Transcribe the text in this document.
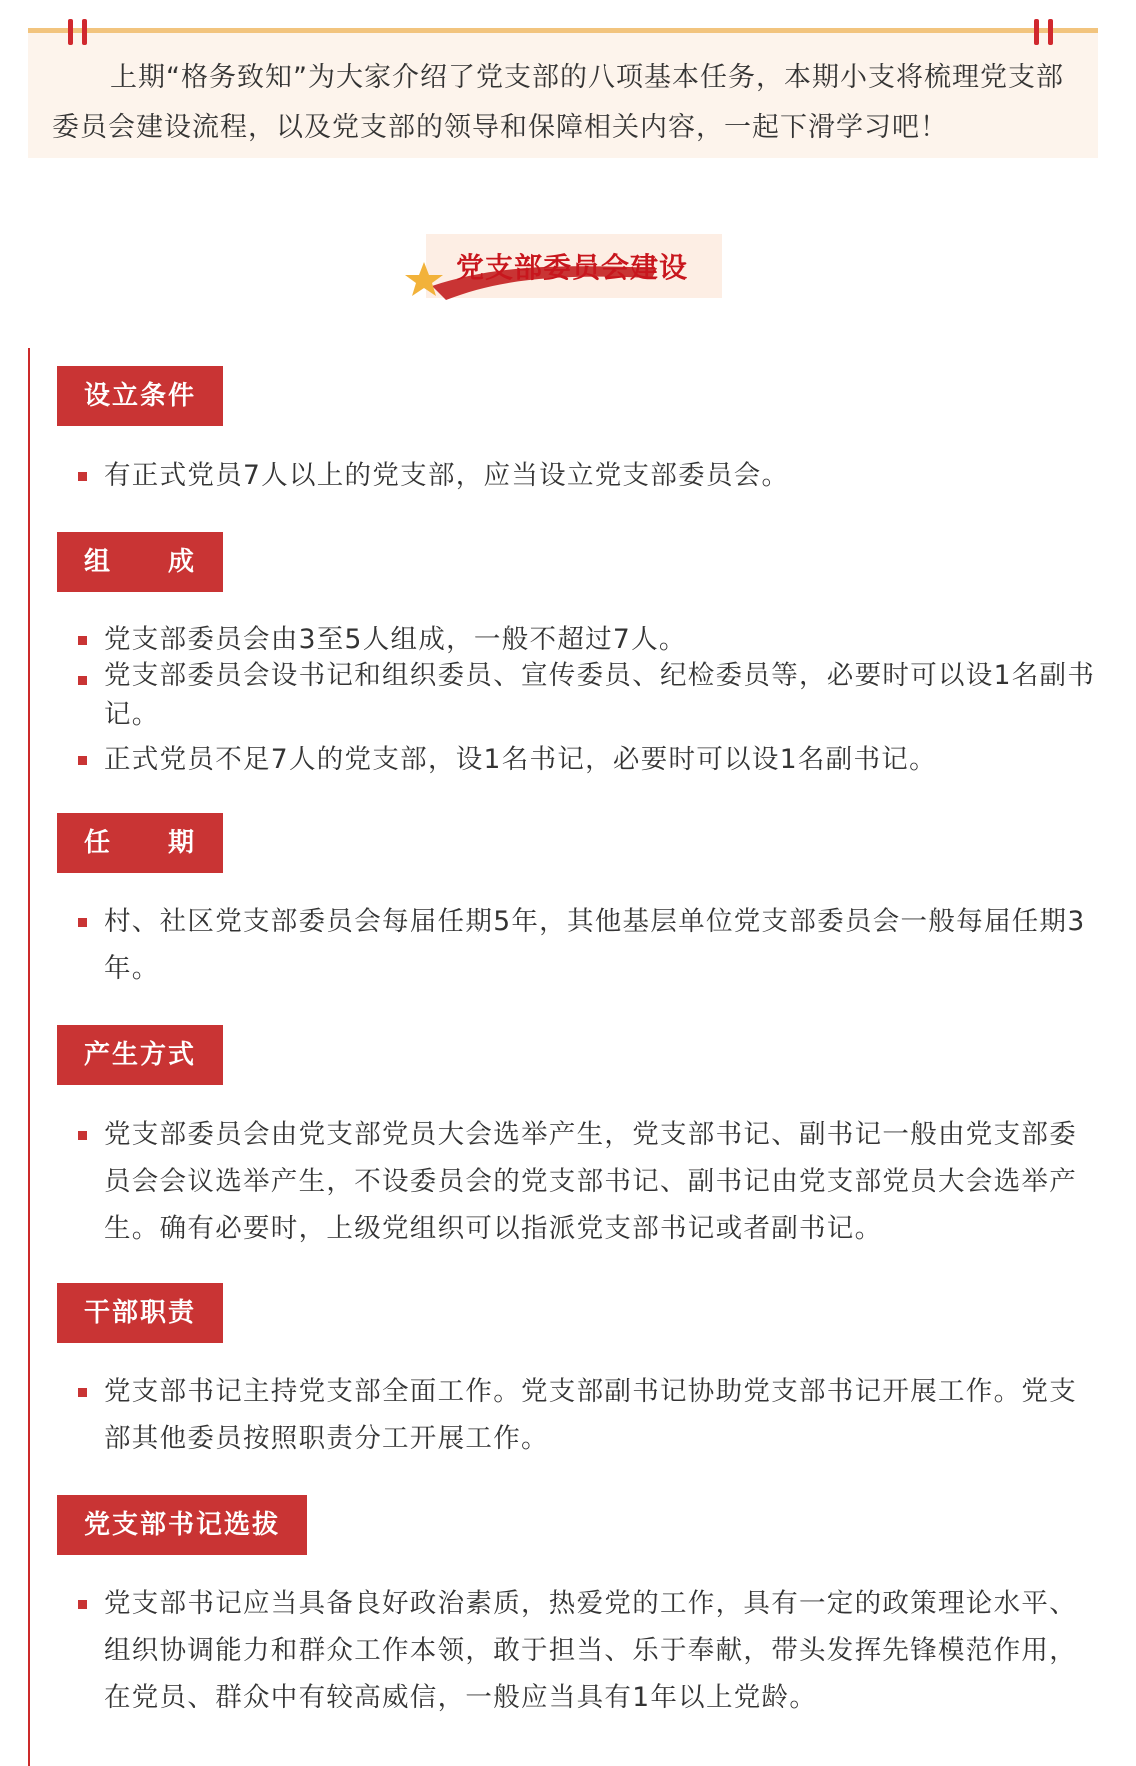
上期“格务致知”为大家介绍了党支部的八项基本任务，本期小支将梳理党支部委员会建设流程，以及党支部的领导和保障相关内容，一起下滑学习吧！

党支部委员会建设
设立条件
有正式党员7人以上的党支部，应当设立党支部委员会。
组　　成
党支部委员会由3至5人组成，一般不超过7人。
党支部委员会设书记和组织委员、宣传委员、纪检委员等，必要时可以设1名副书记。
正式党员不足7人的党支部，设1名书记，必要时可以设1名副书记。
任　　期
村、社区党支部委员会每届任期5年，其他基层单位党支部委员会一般每届任期3年。
产生方式
党支部委员会由党支部党员大会选举产生，党支部书记、副书记一般由党支部委员会会议选举产生，不设委员会的党支部书记、副书记由党支部党员大会选举产生。确有必要时，上级党组织可以指派党支部书记或者副书记。
干部职责
党支部书记主持党支部全面工作。党支部副书记协助党支部书记开展工作。党支部其他委员按照职责分工开展工作。
党支部书记选拔
党支部书记应当具备良好政治素质，热爱党的工作，具有一定的政策理论水平、组织协调能力和群众工作本领，敢于担当、乐于奉献，带头发挥先锋模范作用，在党员、群众中有较高威信，一般应当具有1年以上党龄。
